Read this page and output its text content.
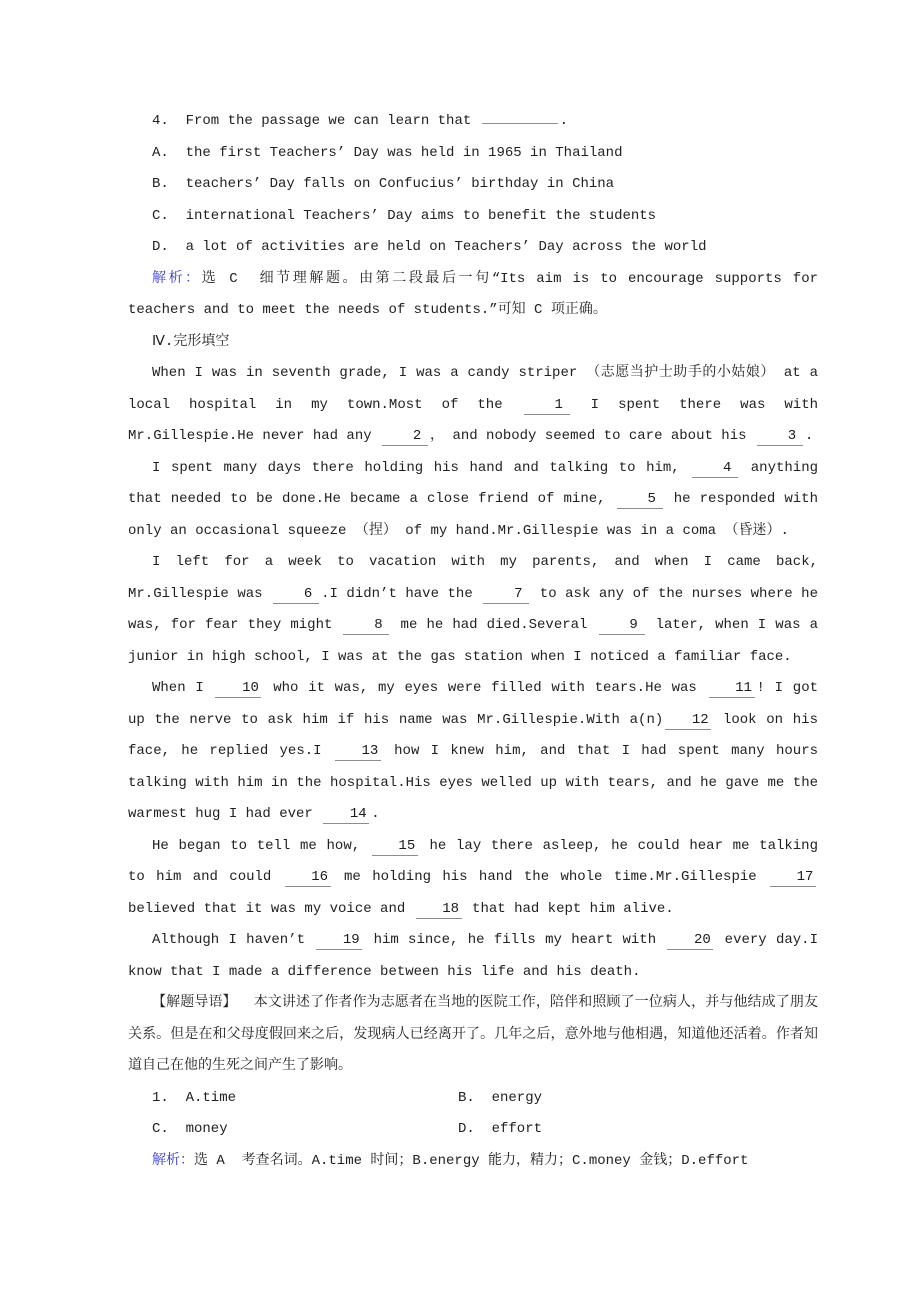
4.  From the passage we can learn that	.

A.  the first Teachers’ Day was held in 1965 in Thailand

B.  teachers’ Day falls on Confucius’ birthday in China

C.  international Teachers’ Day aims to benefit the students

D.  a lot of activities are held on Teachers’ Day across the world

解析：选 C  细节理解题。由第二段最后一句“Its aim is to encourage supports for teachers and to meet the needs of students.”可知 C 项正确。

Ⅳ.完形填空

When I was in seventh grade, I was a candy striper （志愿当护士助手的小姑娘） at a local hospital in my town.Most of the 1 I spent there was with Mr.Gillespie.He never had any 2 ， and nobody seemed to care about his 3 .

I spent many days there holding his hand and talking to him, 4 anything that needed to be done.He became a close friend of mine, 5 he responded with only an occasional squeeze （捏） of my hand.Mr.Gillespie was in a coma （昏迷）.

I left for a week to vacation with my parents, and when I came back, Mr.Gillespie was 6 .I didn’t have the 7 to ask any of the nurses where he was, for fear they might 8 me he had died.Several 9 later, when I was a junior in high school, I was at the gas station when I noticed a familiar face.

When I 10 who it was, my eyes were filled with tears.He was 11 ! I got up the nerve to ask him if his name was Mr.Gillespie.With a(n) 12 look on his face, he replied yes.I 13 how I knew him, and that I had spent many hours talking with him in the hospital.His eyes welled up with tears, and he gave me the warmest hug I had ever 14 .

He began to tell me how, 15 he lay there asleep, he could hear me talking to him and could 16 me holding his hand the whole time.Mr.Gillespie 17 believed that it was my voice and 18 that had kept him alive.

Although I haven’t 19 him since, he fills my heart with 20 every day.I know that I made a difference between his life and his death.

【解题导语】  本文讲述了作者作为志愿者在当地的医院工作，陪伴和照顾了一位病人，并与他结成了朋友关系。但是在和父母度假回来之后，发现病人已经离开了。几年之后，意外地与他相遇，知道他还活着。作者知道自己在他的生死之间产生了影响。

1.  A.time	B.  energy

C.  money	D.  effort

解析：选 A  考查名词。A.time 时间；B.energy 能力，精力；C.money 金钱；D.effort
